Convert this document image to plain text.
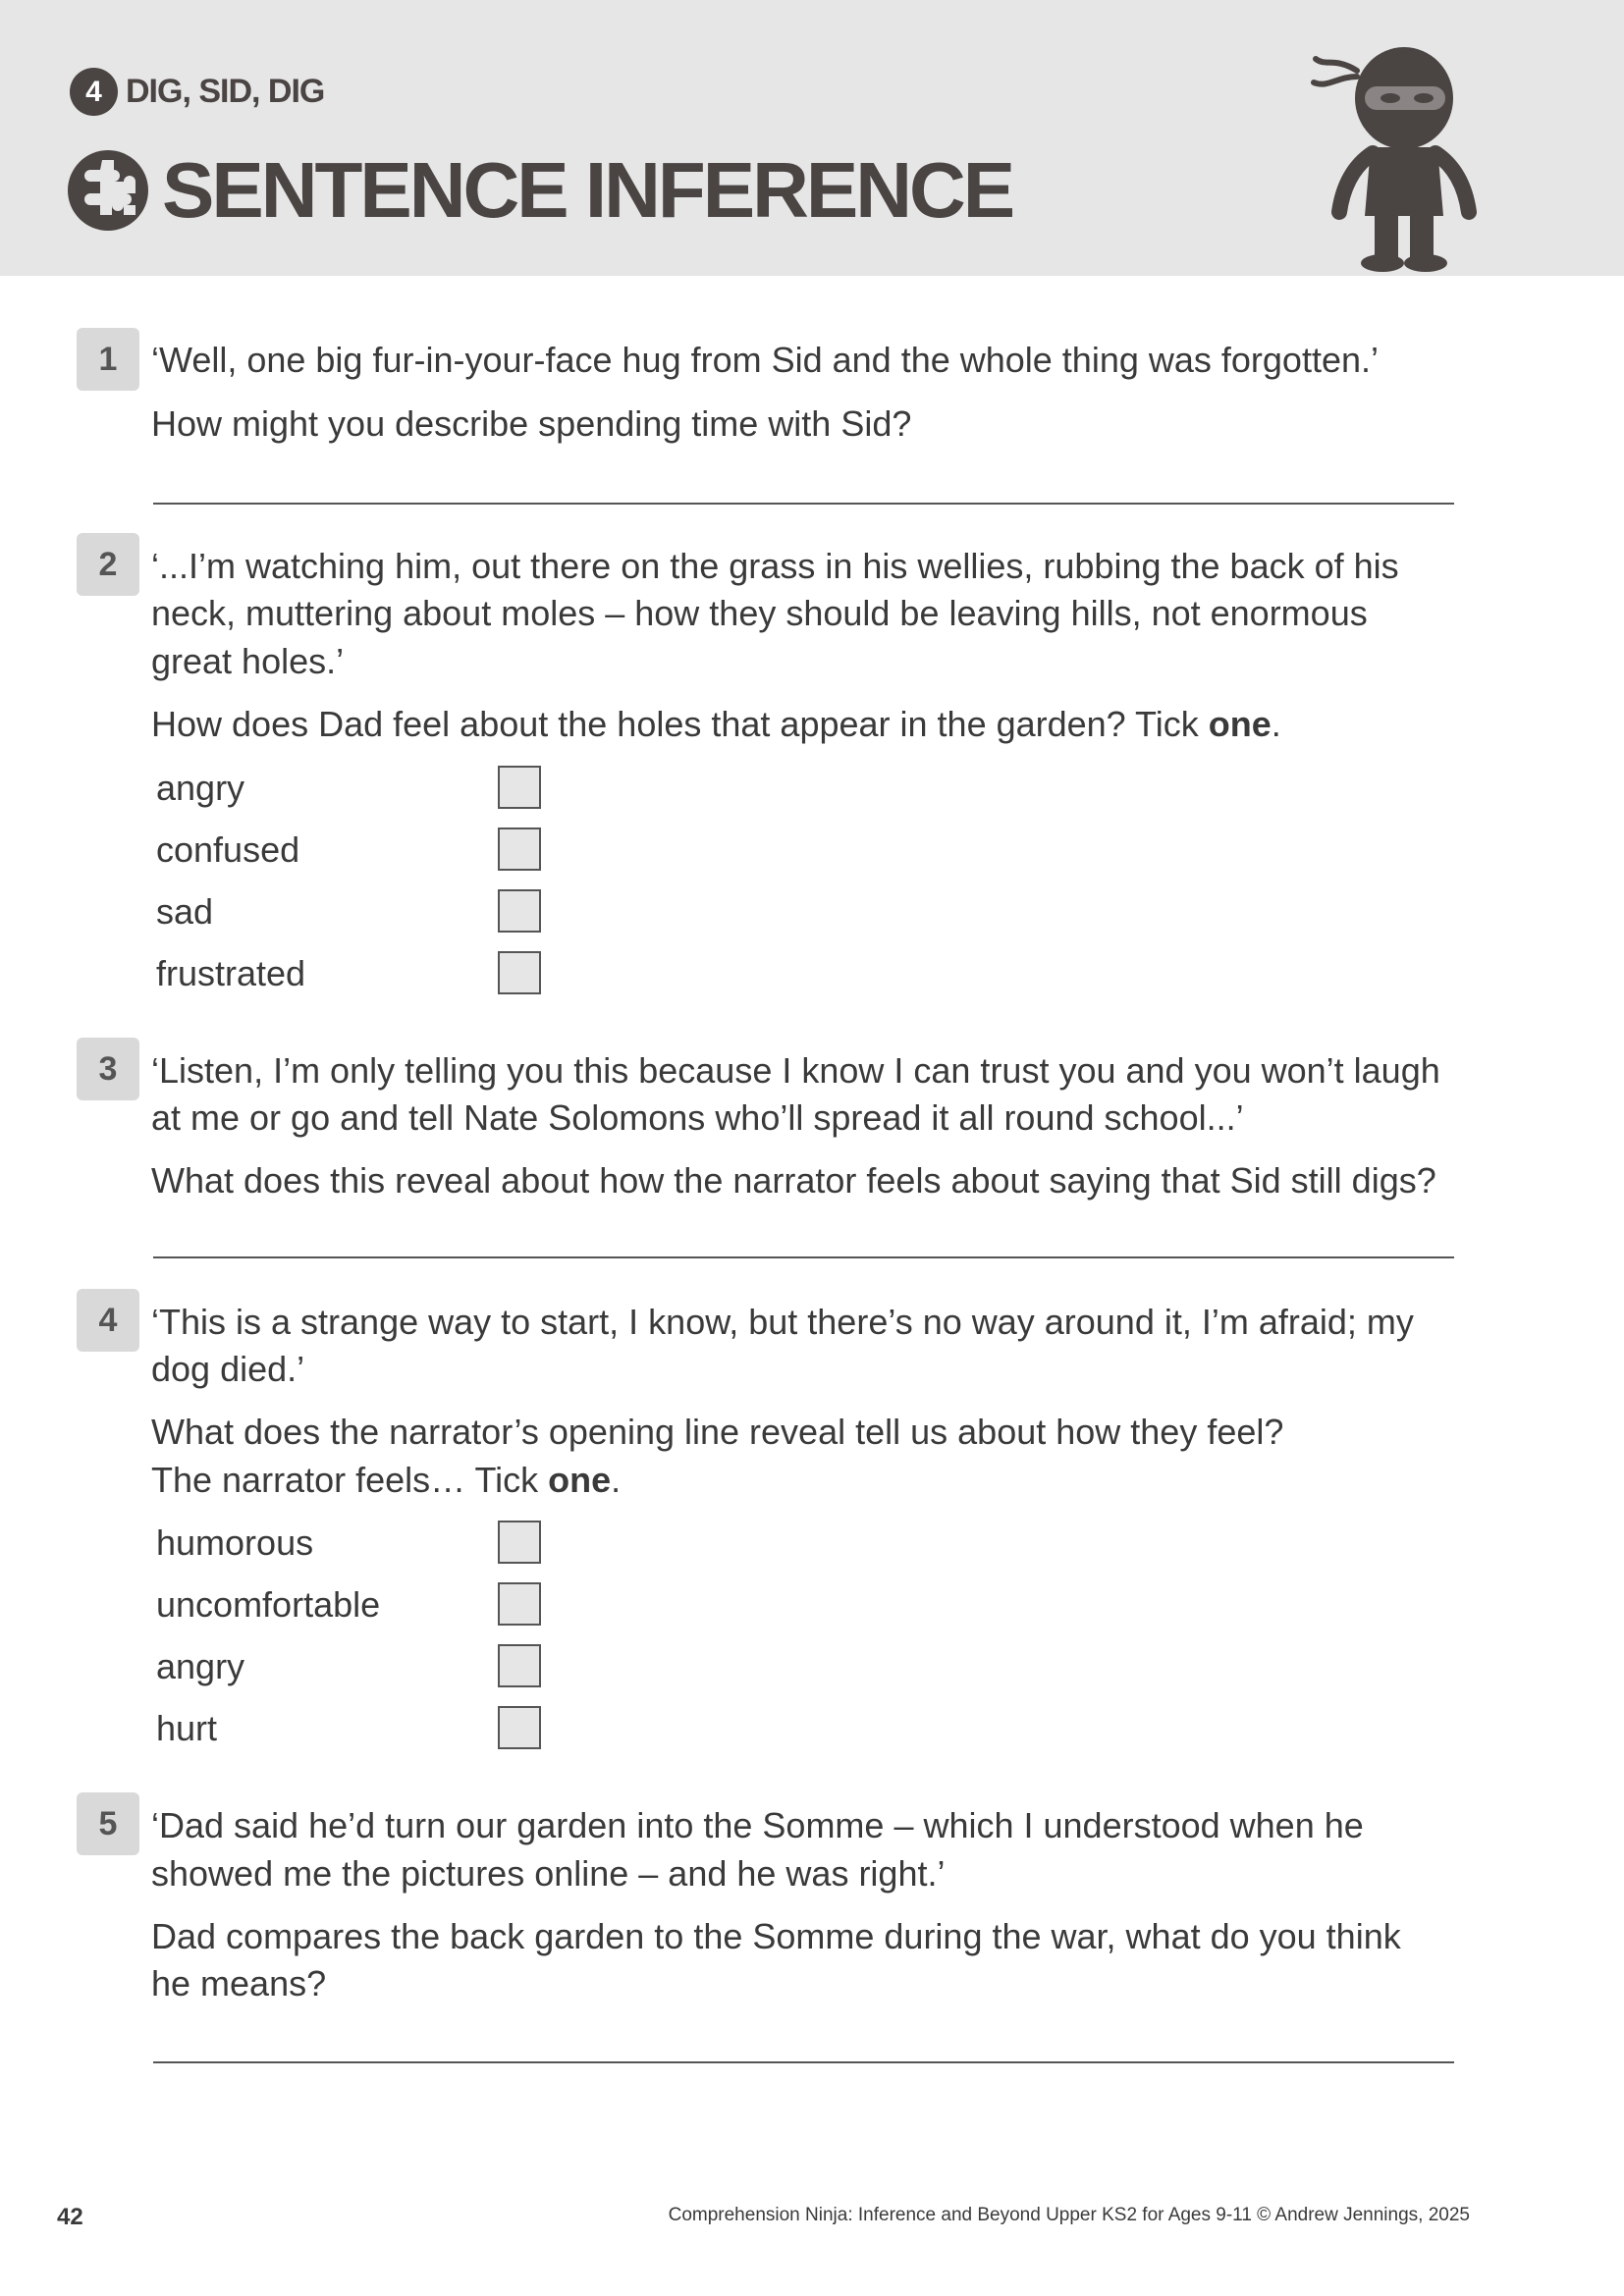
4 DIG, SID, DIG
SENTENCE INFERENCE
1 ‘Well, one big fur-in-your-face hug from Sid and the whole thing was forgotten.’

How might you describe spending time with Sid?

2 ‘...I’m watching him, out there on the grass in his wellies, rubbing the back of his

neck, muttering about moles – how they should be leaving hills, not enormous

great holes.’

How does Dad feel about the holes that appear in the garden? Tick one.

angry
confused
sad
frustrated
3 ‘Listen, I’m only telling you this because I know I can trust you and you won’t laugh

at me or go and tell Nate Solomons who’ll spread it all round school...’

What does this reveal about how the narrator feels about saying that Sid still digs?

4 ‘This is a strange way to start, I know, but there’s no way around it, I’m afraid; my

dog died.’

What does the narrator’s opening line reveal tell us about how they feel?

The narrator feels… Tick one.

humorous
uncomfortable
angry
hurt
5 ‘Dad said he’d turn our garden into the Somme – which I understood when he

showed me the pictures online – and he was right.’

Dad compares the back garden to the Somme during the war, what do you think

he means?

42	Comprehension Ninja: Inference and Beyond Upper KS2 for Ages 9-11 © Andrew Jennings, 2025
